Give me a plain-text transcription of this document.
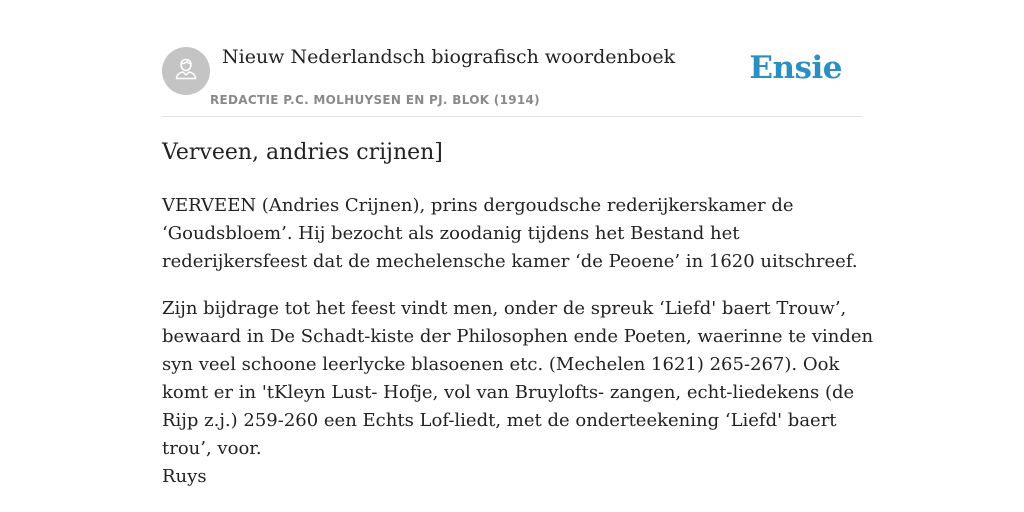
Nieuw Nederlandsch biografisch woordenboek
REDACTIE P.C. MOLHUYSEN EN PJ. BLOK (1914)
Ensie
Verveen, andries crijnen]

VERVEEN (Andries Crijnen), prins dergoudsche rederijkerskamer de ‘Goudsbloem’. Hij bezocht als zoodanig tijdens het Bestand het rederijkersfeest dat de mechelensche kamer ‘de Peoene’ in 1620 uitschreef.

Zijn bijdrage tot het feest vindt men, onder de spreuk ‘Liefd' baert Trouw’, bewaard in De Schadt-kiste der Philosophen ende Poeten, waerinne te vinden syn veel schoone leerlycke blasoenen etc. (Mechelen 1621) 265-267). Ook komt er in 'tKleyn Lust- Hofje, vol van Bruylofts- zangen, echt-liedekens (de Rijp z.j.) 259-260 een Echts Lof-liedt, met de onderteekening ‘Liefd' baert trou’, voor.

Ruys
